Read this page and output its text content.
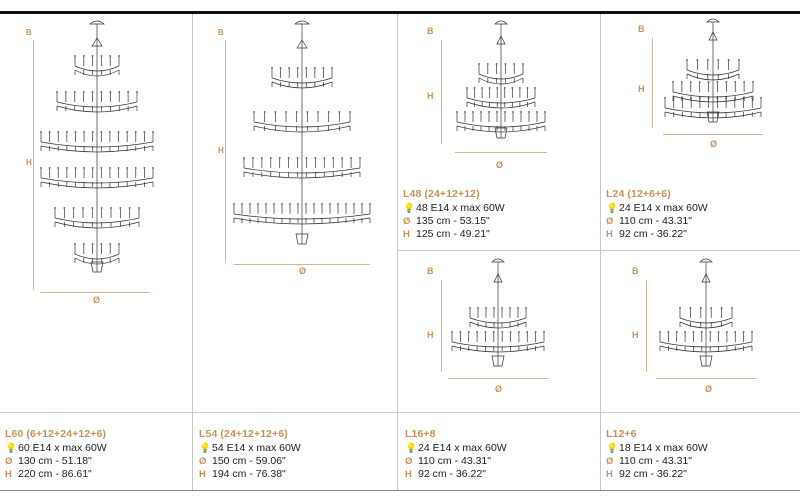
B
H
Ø
L60 (6+12+24+12+6)
💡 60 E14 x max 60W
Ø 130 cm - 51.18"
H 220 cm - 86.61"
B
H
Ø
L54 (24+12+12+6)
💡 54 E14 x max 60W
Ø 150 cm - 59.06"
H 194 cm - 76.38"
B
H
Ø
L48 (24+12+12)
💡 48 E14 x max 60W
Ø 135 cm - 53.15"
H 125 cm - 49.21"
B
H
Ø
L24 (12+6+6)
💡 24 E14 x max 60W
Ø 110 cm - 43.31"
H 92 cm - 36.22"
B
H
Ø
L16+8
💡 24 E14 x max 60W
Ø 110 cm - 43.31"
H 92 cm - 36.22"
B
H
Ø
L12+6
💡 18 E14 x max 60W
Ø 110 cm - 43.31"
H 92 cm - 36.22"
